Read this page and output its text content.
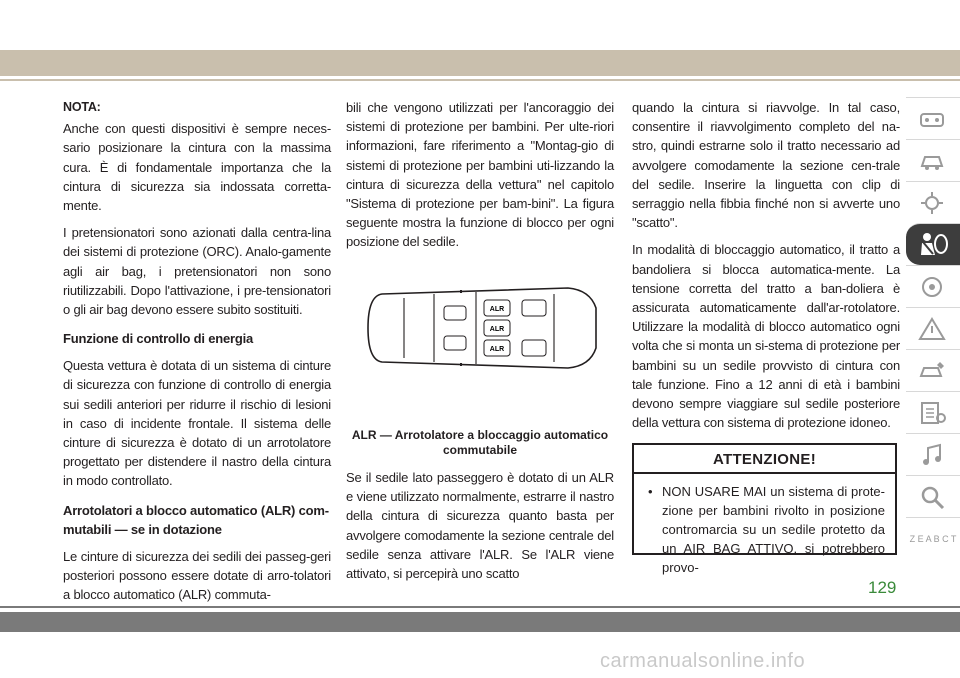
NOTA:

Anche con questi dispositivi è sempre neces-sario posizionare la cintura con la massima cura. È di fondamentale importanza che la cintura di sicurezza sia indossata corretta-mente.

I pretensionatori sono azionati dalla centra-lina dei sistemi di protezione (ORC). Analo-gamente agli air bag, i pretensionatori non sono riutilizzabili. Dopo l'attivazione, i pre-tensionatori o gli air bag devono essere subito sostituiti.

Funzione di controllo di energia

Questa vettura è dotata di un sistema di cinture di sicurezza con funzione di controllo di energia sui sedili anteriori per ridurre il rischio di lesioni in caso di incidente frontale. Il sistema delle cinture di sicurezza è dotato di un arrotolatore progettato per distendere il nastro della cintura in modo controllato.

Arrotolatori a blocco automatico (ALR) com-mutabili — se in dotazione

Le cinture di sicurezza dei sedili dei passeg-geri posteriori possono essere dotate di arro-tolatori a blocco automatico (ALR) commuta-

bili che vengono utilizzati per l'ancoraggio dei sistemi di protezione per bambini. Per ulte-riori informazioni, fare riferimento a "Montag-gio di sistemi di protezione per bambini uti-lizzando la cintura di sicurezza della vettura" nel capitolo "Sistema di protezione per bam-bini". La figura seguente mostra la funzione di blocco per ogni posizione del sedile.

ALR
ALR
ALR
ALR — Arrotolatore a bloccaggio automatico commutabile

Se il sedile lato passeggero è dotato di un ALR e viene utilizzato normalmente, estrarre il nastro della cintura di sicurezza quanto basta per avvolgere comodamente la sezione centrale del sedile senza attivare l'ALR. Se l'ALR viene attivato, si percepirà uno scatto

quando la cintura si riavvolge. In tal caso, consentire il riavvolgimento completo del na-stro, quindi estrarne solo il tratto necessario ad avvolgere comodamente la sezione cen-trale del sedile. Inserire la linguetta con clip di serraggio nella fibbia finché non si avverte uno "scatto".

In modalità di bloccaggio automatico, il tratto a bandoliera si blocca automatica-mente. La tensione corretta del tratto a ban-doliera è assicurata automaticamente dall'ar-rotolatore. Utilizzare la modalità di blocco automatico ogni volta che si monta un si-stema di protezione per bambini su un sedile provvisto di cintura con tale funzione. Fino a 12 anni di età i bambini devono sempre viaggiare sul sedile posteriore della vettura con sistema di protezione idoneo.

ATTENZIONE!
• NON USARE MAI un sistema di prote-zione per bambini rivolto in posizione contromarcia su un sedile protetto da un AIR BAG ATTIVO, si potrebbero provo-
Z E A B C T
129
carmanualsonline.info
